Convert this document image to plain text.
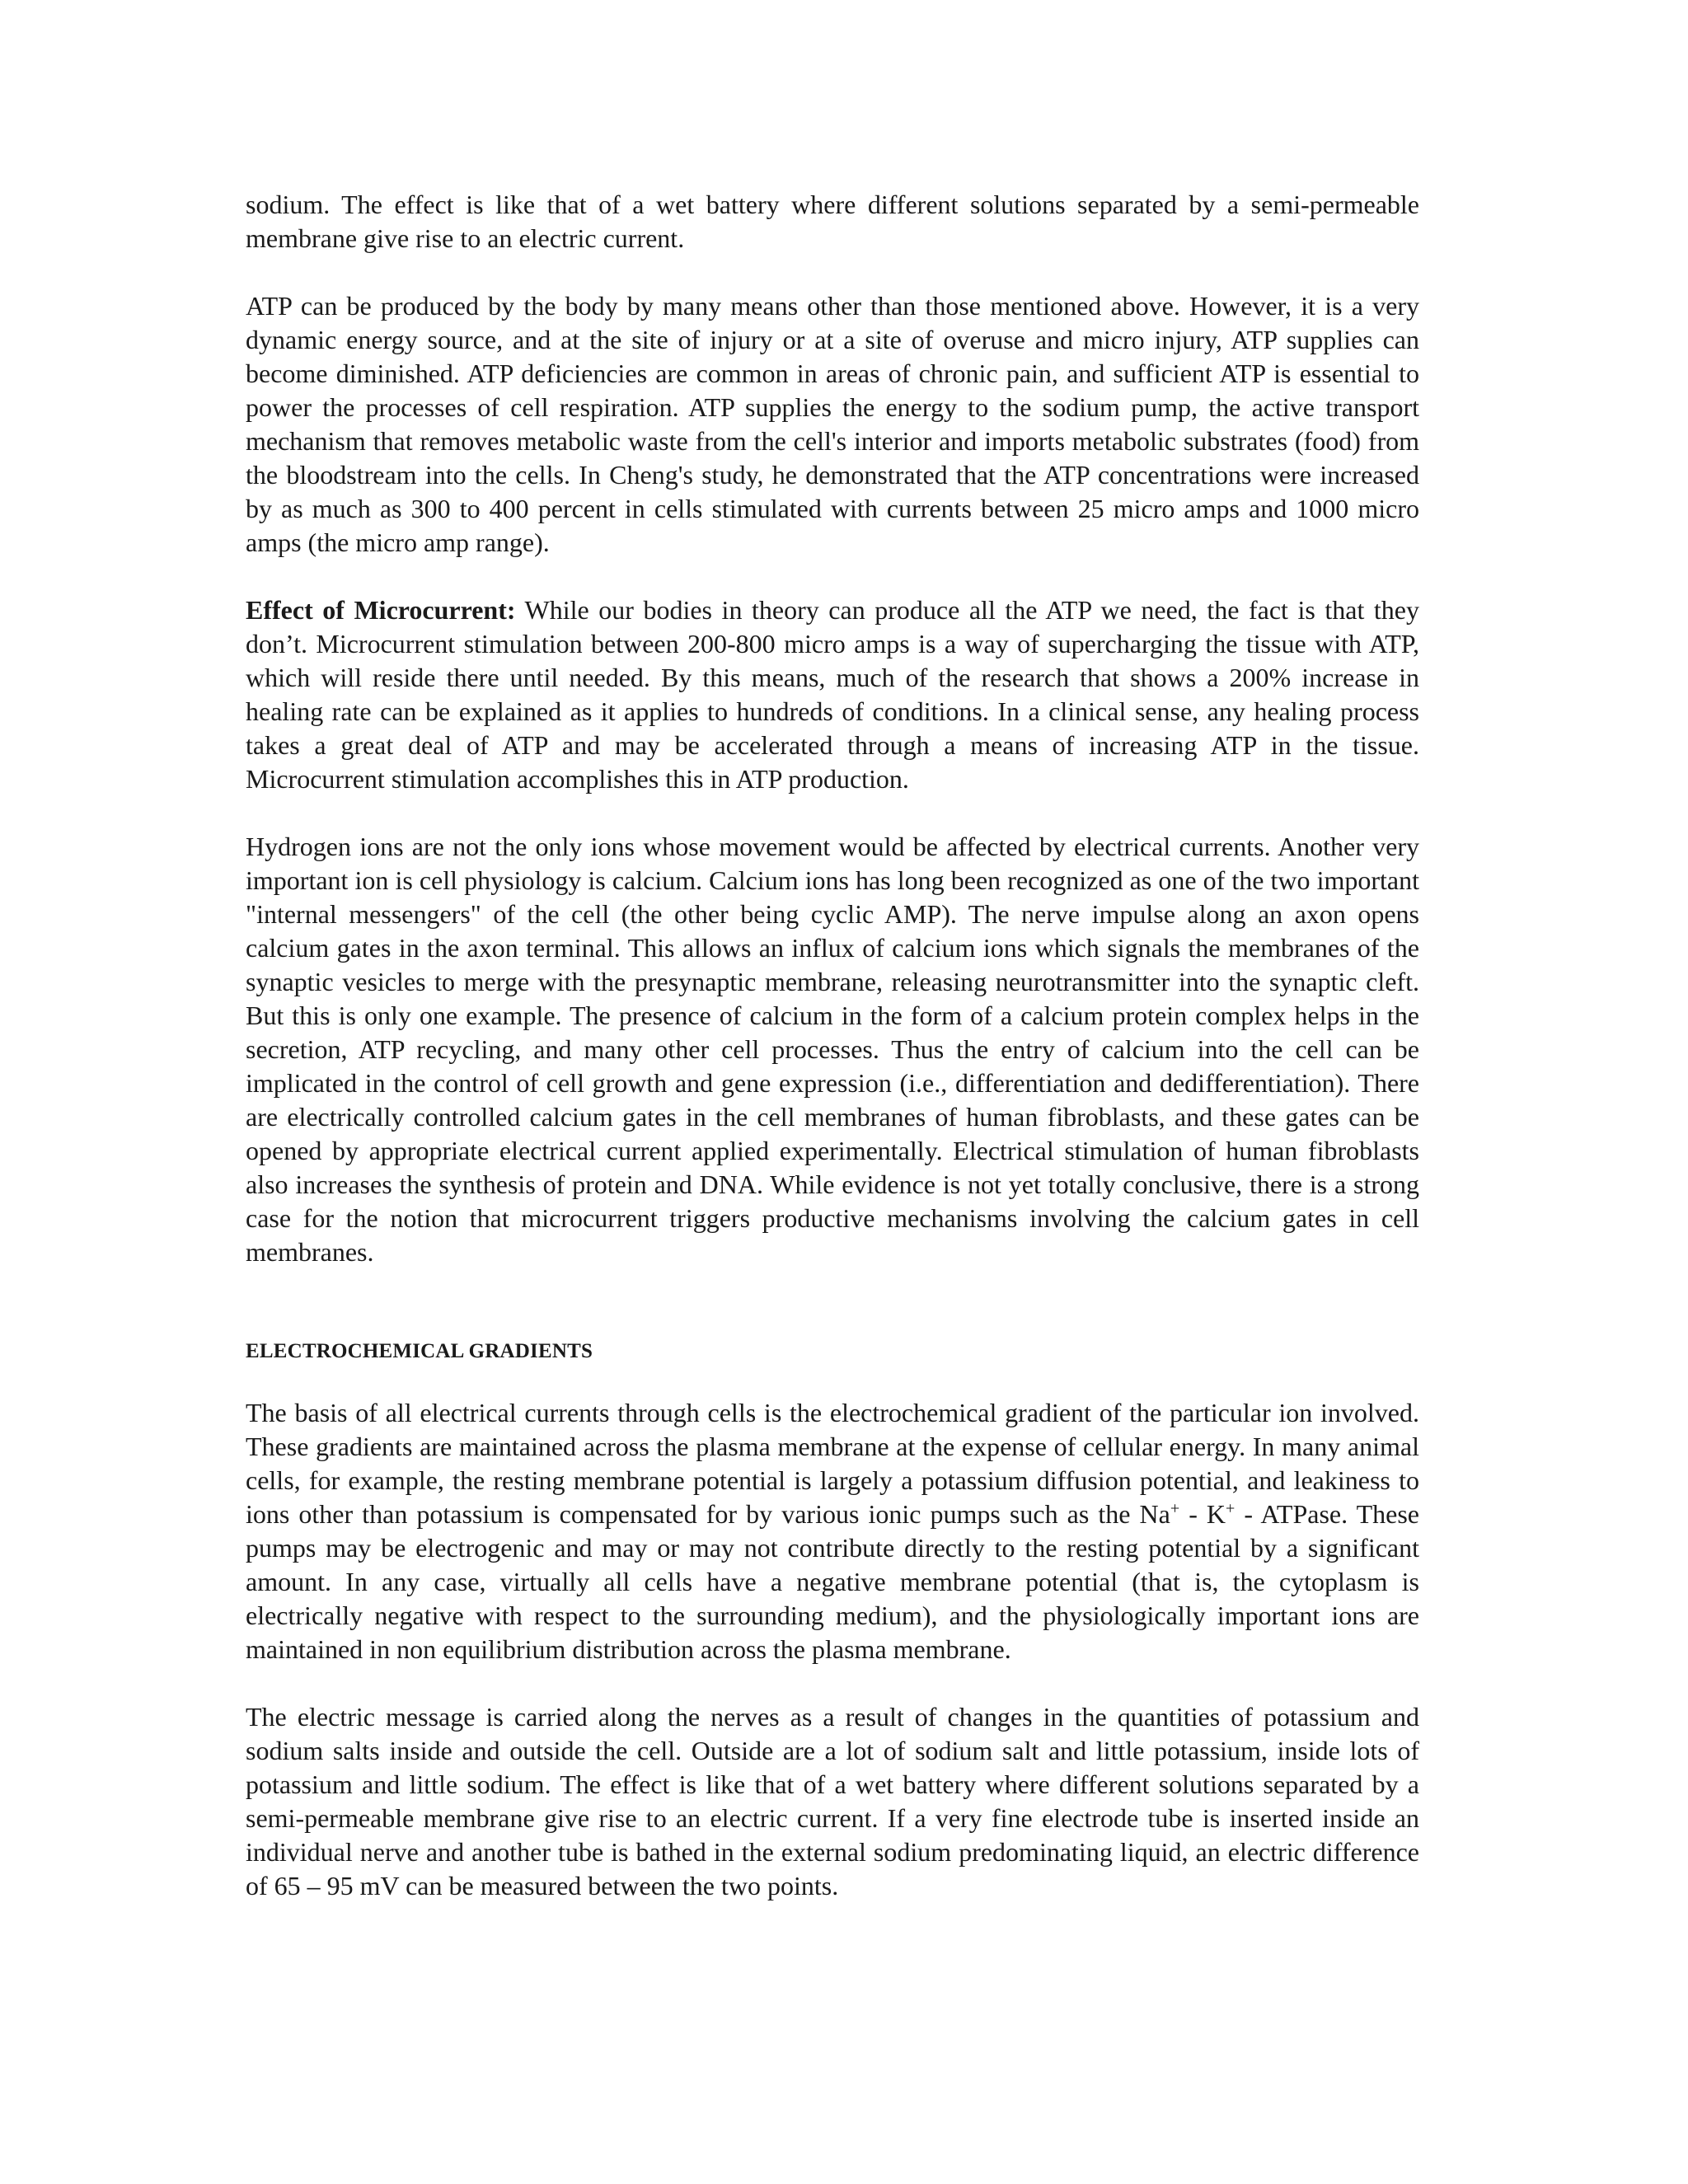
sodium. The effect is like that of a wet battery where different solutions separated by a semi-permeable membrane give rise to an electric current.

ATP can be produced by the body by many means other than those mentioned above. However, it is a very dynamic energy source, and at the site of injury or at a site of overuse and micro injury, ATP supplies can become diminished. ATP deficiencies are common in areas of chronic pain, and sufficient ATP is essential to power the processes of cell respiration. ATP supplies the energy to the sodium pump, the active transport mechanism that removes metabolic waste from the cell's interior and imports metabolic substrates (food) from the bloodstream into the cells. In Cheng's study, he demonstrated that the ATP concentrations were increased by as much as 300 to 400 percent in cells stimulated with currents between 25 micro amps and 1000 micro amps (the micro amp range).

Effect of Microcurrent: While our bodies in theory can produce all the ATP we need, the fact is that they don’t. Microcurrent stimulation between 200-800 micro amps is a way of supercharging the tissue with ATP, which will reside there until needed. By this means, much of the research that shows a 200% increase in healing rate can be explained as it applies to hundreds of conditions. In a clinical sense, any healing process takes a great deal of ATP and may be accelerated through a means of increasing ATP in the tissue. Microcurrent stimulation accomplishes this in ATP production.

Hydrogen ions are not the only ions whose movement would be affected by electrical currents. Another very important ion is cell physiology is calcium. Calcium ions has long been recognized as one of the two important "internal messengers" of the cell (the other being cyclic AMP). The nerve impulse along an axon opens calcium gates in the axon terminal. This allows an influx of calcium ions which signals the membranes of the synaptic vesicles to merge with the presynaptic membrane, releasing neurotransmitter into the synaptic cleft. But this is only one example. The presence of calcium in the form of a calcium protein complex helps in the secretion, ATP recycling, and many other cell processes. Thus the entry of calcium into the cell can be implicated in the control of cell growth and gene expression (i.e., differentiation and dedifferentiation). There are electrically controlled calcium gates in the cell membranes of human fibroblasts, and these gates can be opened by appropriate electrical current applied experimentally. Electrical stimulation of human fibroblasts also increases the synthesis of protein and DNA. While evidence is not yet totally conclusive, there is a strong case for the notion that microcurrent triggers productive mechanisms involving the calcium gates in cell membranes.

ELECTROCHEMICAL GRADIENTS

The basis of all electrical currents through cells is the electrochemical gradient of the particular ion involved. These gradients are maintained across the plasma membrane at the expense of cellular energy. In many animal cells, for example, the resting membrane potential is largely a potassium diffusion potential, and leakiness to ions other than potassium is compensated for by various ionic pumps such as the Na+ - K+ - ATPase. These pumps may be electrogenic and may or may not contribute directly to the resting potential by a significant amount. In any case, virtually all cells have a negative membrane potential (that is, the cytoplasm is electrically negative with respect to the surrounding medium), and the physiologically important ions are maintained in non equilibrium distribution across the plasma membrane.

The electric message is carried along the nerves as a result of changes in the quantities of potassium and sodium salts inside and outside the cell. Outside are a lot of sodium salt and little potassium, inside lots of potassium and little sodium. The effect is like that of a wet battery where different solutions separated by a semi-permeable membrane give rise to an electric current. If a very fine electrode tube is inserted inside an individual nerve and another tube is bathed in the external sodium predominating liquid, an electric difference of 65 – 95 mV can be measured between the two points.
